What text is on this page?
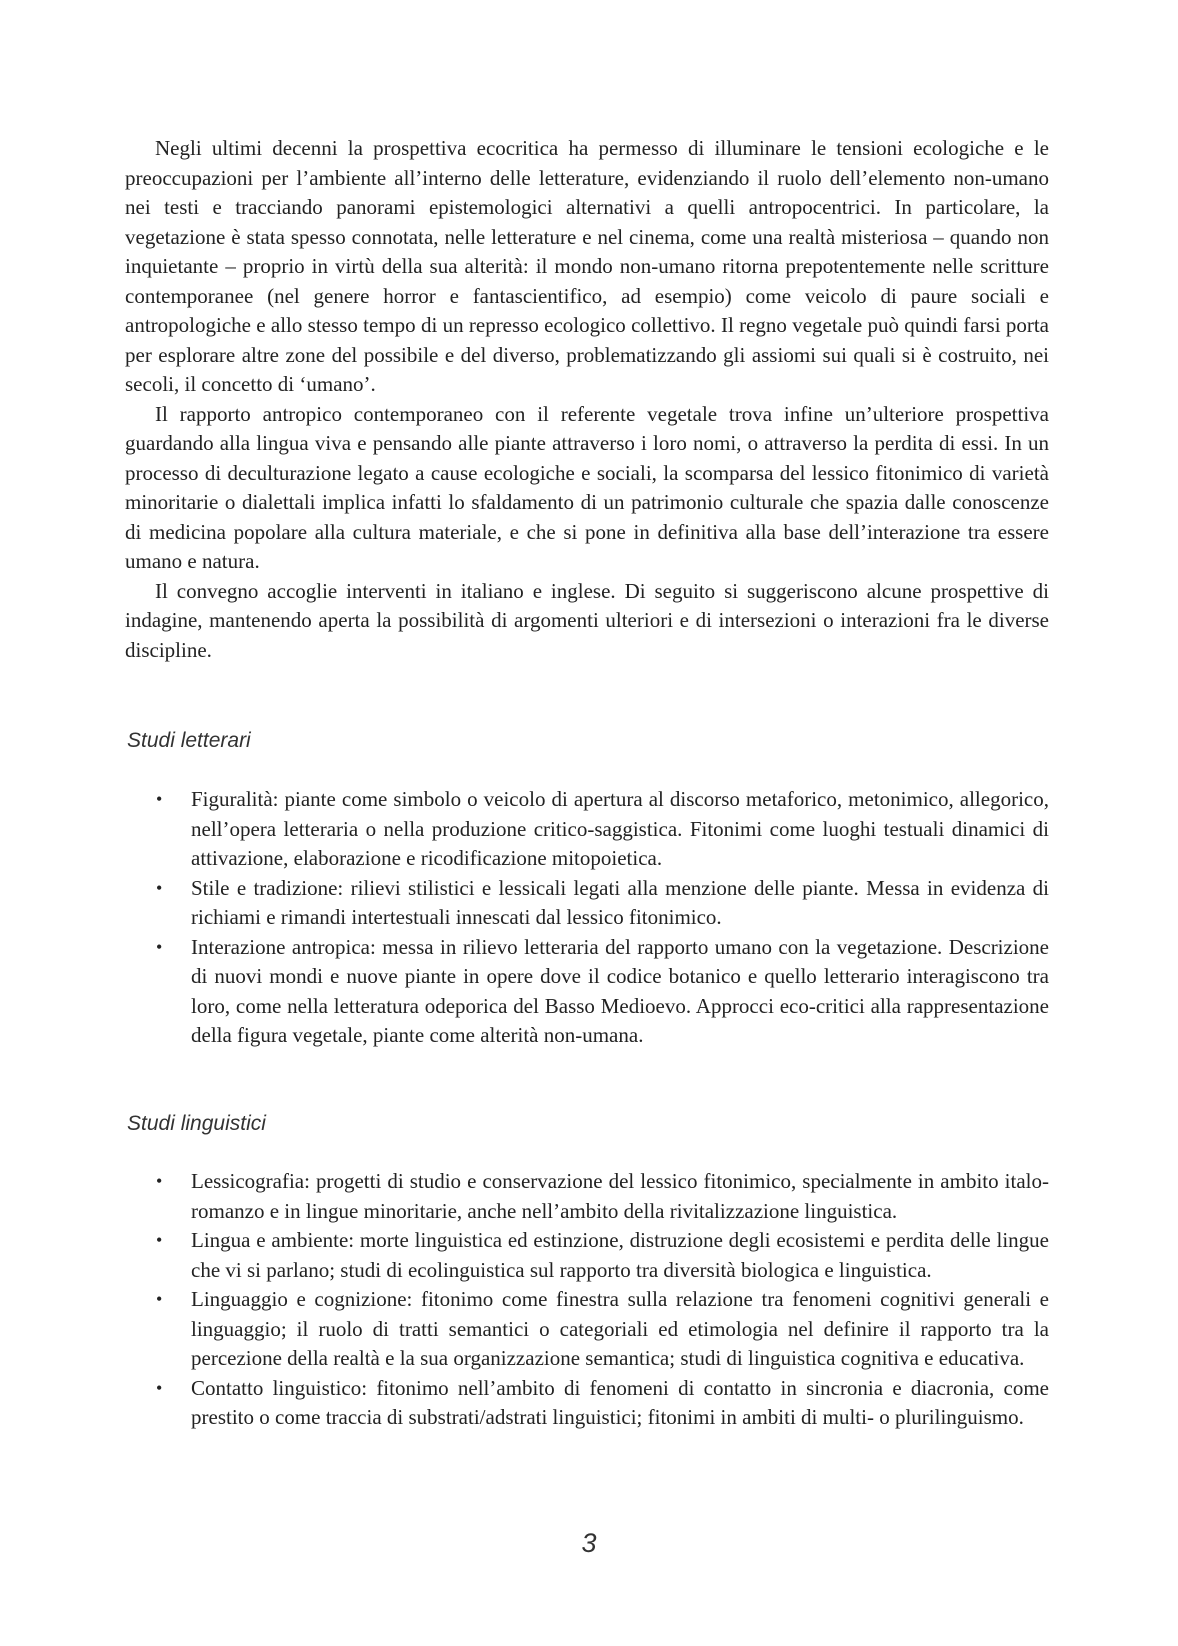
Negli ultimi decenni la prospettiva ecocritica ha permesso di illuminare le tensioni ecologiche e le preoccupazioni per l’ambiente all’interno delle letterature, evidenziando il ruolo dell’elemento non-umano nei testi e tracciando panorami epistemologici alternativi a quelli antropocentrici. In particolare, la vegetazione è stata spesso connotata, nelle letterature e nel cinema, come una realtà misteriosa – quando non inquietante – proprio in virtù della sua alterità: il mondo non-umano ritorna prepotentemente nelle scritture contemporanee (nel genere horror e fantascientifico, ad esempio) come veicolo di paure sociali e antropologiche e allo stesso tempo di un represso ecologico collettivo. Il regno vegetale può quindi farsi porta per esplorare altre zone del possibile e del diverso, problematizzando gli assiomi sui quali si è costruito, nei secoli, il concetto di ‘umano’.

Il rapporto antropico contemporaneo con il referente vegetale trova infine un’ulteriore prospettiva guardando alla lingua viva e pensando alle piante attraverso i loro nomi, o attraverso la perdita di essi. In un processo di deculturazione legato a cause ecologiche e sociali, la scomparsa del lessico fitonimico di varietà minoritarie o dialettali implica infatti lo sfaldamento di un patrimonio culturale che spazia dalle conoscenze di medicina popolare alla cultura materiale, e che si pone in definitiva alla base dell’interazione tra essere umano e natura.

Il convegno accoglie interventi in italiano e inglese. Di seguito si suggeriscono alcune prospettive di indagine, mantenendo aperta la possibilità di argomenti ulteriori e di intersezioni o interazioni fra le diverse discipline.

Studi letterari
• Figuralità: piante come simbolo o veicolo di apertura al discorso metaforico, metonimico, allegorico, nell’opera letteraria o nella produzione critico-saggistica. Fitonimi come luoghi testuali dinamici di attivazione, elaborazione e ricodificazione mitopoietica.
• Stile e tradizione: rilievi stilistici e lessicali legati alla menzione delle piante. Messa in evidenza di richiami e rimandi intertestuali innescati dal lessico fitonimico.
• Interazione antropica: messa in rilievo letteraria del rapporto umano con la vegetazione. Descrizione di nuovi mondi e nuove piante in opere dove il codice botanico e quello letterario interagiscono tra loro, come nella letteratura odeporica del Basso Medioevo. Approcci eco-critici alla rappresentazione della figura vegetale, piante come alterità non-umana.
Studi linguistici
• Lessicografia: progetti di studio e conservazione del lessico fitonimico, specialmente in ambito italo-romanzo e in lingue minoritarie, anche nell’ambito della rivitalizzazione linguistica.
• Lingua e ambiente: morte linguistica ed estinzione, distruzione degli ecosistemi e perdita delle lingue che vi si parlano; studi di ecolinguistica sul rapporto tra diversità biologica e linguistica.
• Linguaggio e cognizione: fitonimo come finestra sulla relazione tra fenomeni cognitivi generali e linguaggio; il ruolo di tratti semantici o categoriali ed etimologia nel definire il rapporto tra la percezione della realtà e la sua organizzazione semantica; studi di linguistica cognitiva e educativa.
• Contatto linguistico: fitonimo nell’ambito di fenomeni di contatto in sincronia e diacronia, come prestito o come traccia di substrati/adstrati linguistici; fitonimi in ambiti di multi- o plurilinguismo.
3
